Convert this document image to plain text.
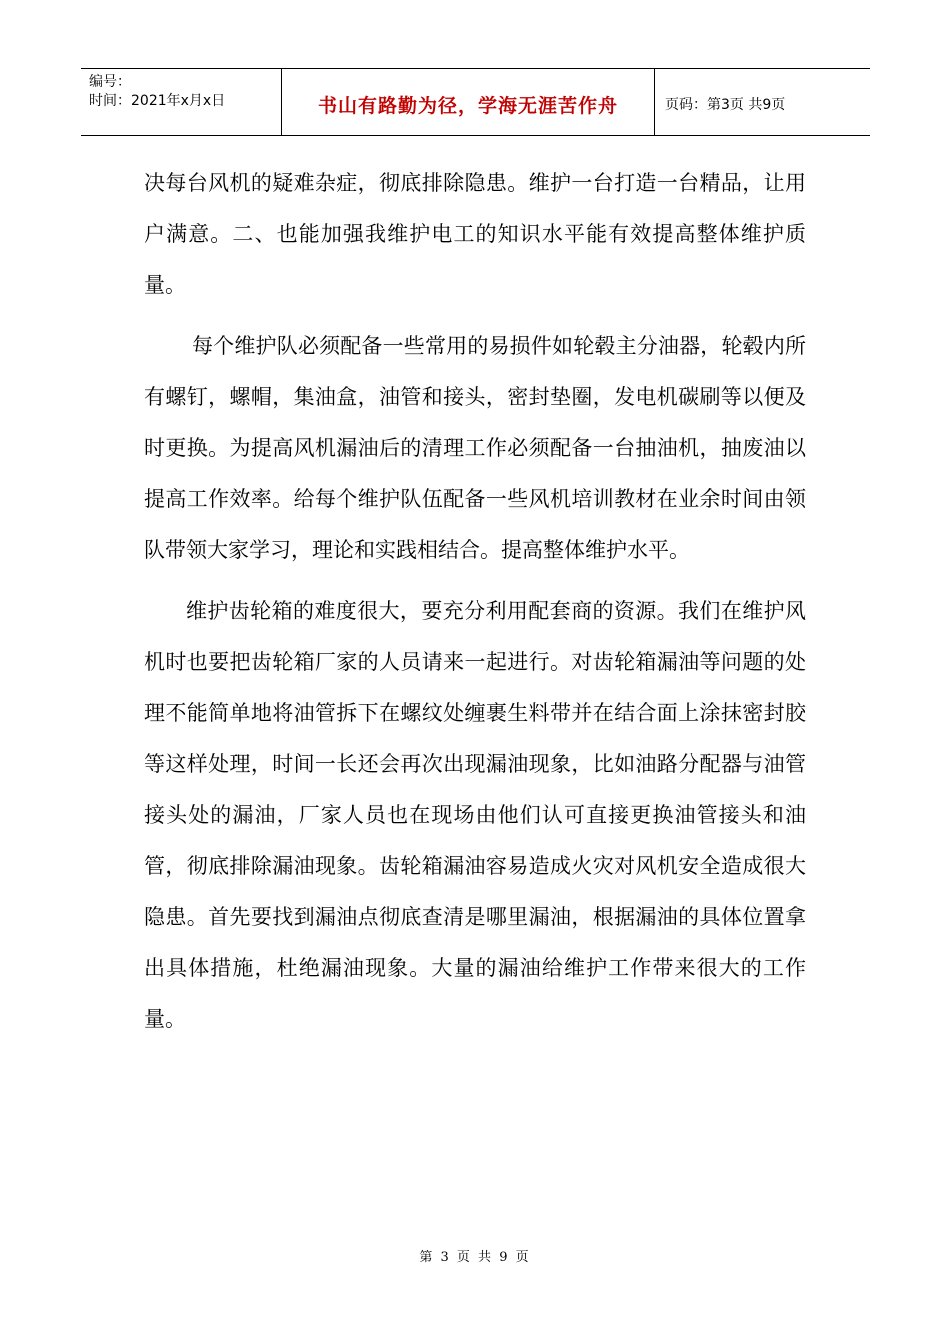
编号：
时间：2021年x月x日	书山有路勤为径，学海无涯苦作舟	页码：第3页 共9页

决每台风机的疑难杂症，彻底排除隐患。维护一台打造一台精品，让用户满意。二、也能加强我维护电工的知识水平能有效提高整体维护质量。

每个维护队必须配备一些常用的易损件如轮毂主分油器，轮毂内所有螺钉，螺帽，集油盒，油管和接头，密封垫圈，发电机碳刷等以便及时更换。为提高风机漏油后的清理工作必须配备一台抽油机，抽废油以提高工作效率。给每个维护队伍配备一些风机培训教材在业余时间由领队带领大家学习，理论和实践相结合。提高整体维护水平。

维护齿轮箱的难度很大，要充分利用配套商的资源。我们在维护风机时也要把齿轮箱厂家的人员请来一起进行。对齿轮箱漏油等问题的处理不能简单地将油管拆下在螺纹处缠裹生料带并在结合面上涂抹密封胶等这样处理，时间一长还会再次出现漏油现象，比如油路分配器与油管接头处的漏油，厂家人员也在现场由他们认可直接更换油管接头和油管，彻底排除漏油现象。齿轮箱漏油容易造成火灾对风机安全造成很大隐患。首先要找到漏油点彻底查清是哪里漏油，根据漏油的具体位置拿出具体措施，杜绝漏油现象。大量的漏油给维护工作带来很大的工作量。

第 3 页 共 9 页
